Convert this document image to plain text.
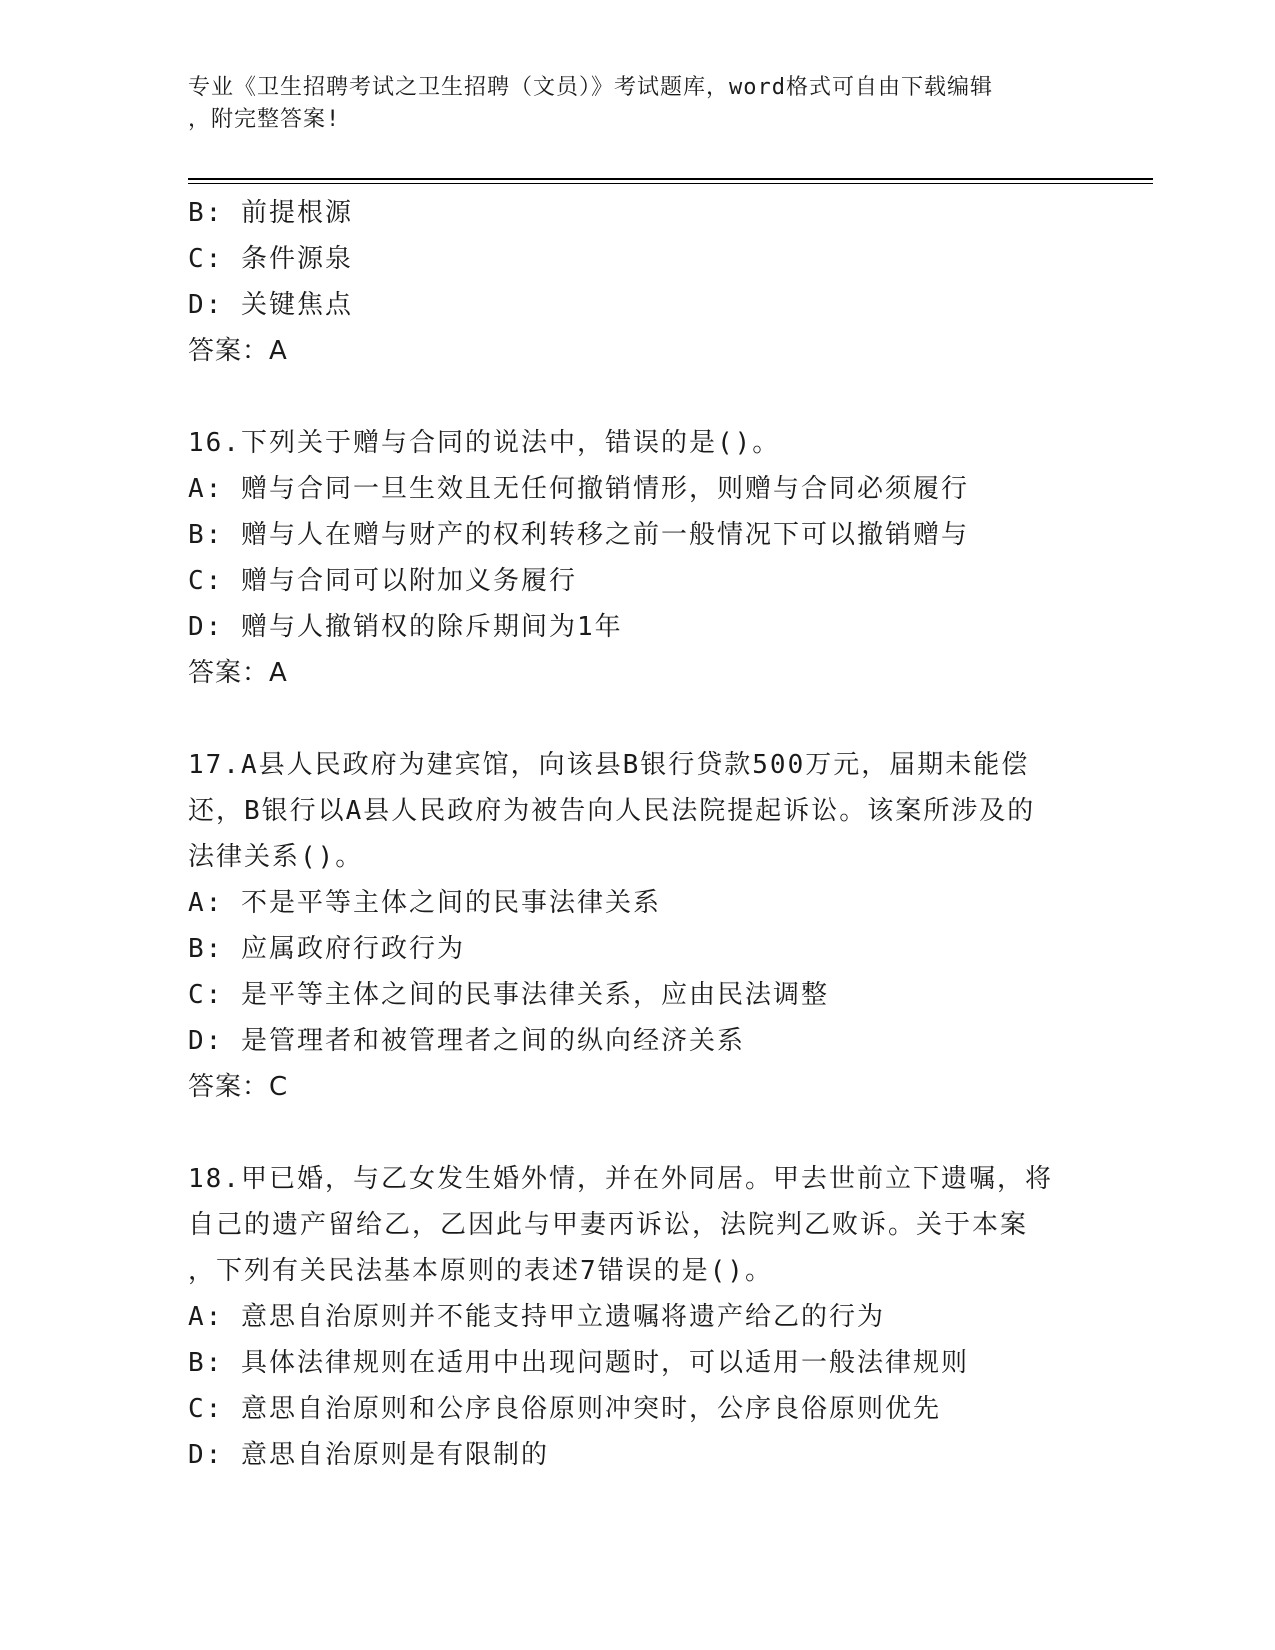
专业《卫生招聘考试之卫生招聘（文员）》考试题库，word格式可自由下载编辑
，附完整答案!
B: 前提根源
C: 条件源泉
D: 关键焦点
答案：A
16.下列关于赠与合同的说法中，错误的是()。
A: 赠与合同一旦生效且无任何撤销情形，则赠与合同必须履行
B: 赠与人在赠与财产的权利转移之前一般情况下可以撤销赠与
C: 赠与合同可以附加义务履行
D: 赠与人撤销权的除斥期间为1年
答案：A
17.A县人民政府为建宾馆，向该县B银行贷款500万元，届期未能偿
还，B银行以A县人民政府为被告向人民法院提起诉讼。该案所涉及的
法律关系()。
A: 不是平等主体之间的民事法律关系
B: 应属政府行政行为
C: 是平等主体之间的民事法律关系，应由民法调整
D: 是管理者和被管理者之间的纵向经济关系
答案：C
18.甲已婚，与乙女发生婚外情，并在外同居。甲去世前立下遗嘱，将
自己的遗产留给乙，乙因此与甲妻丙诉讼，法院判乙败诉。关于本案
，下列有关民法基本原则的表述7错误的是()。
A: 意思自治原则并不能支持甲立遗嘱将遗产给乙的行为
B: 具体法律规则在适用中出现问题时，可以适用一般法律规则
C: 意思自治原则和公序良俗原则冲突时，公序良俗原则优先
D: 意思自治原则是有限制的
